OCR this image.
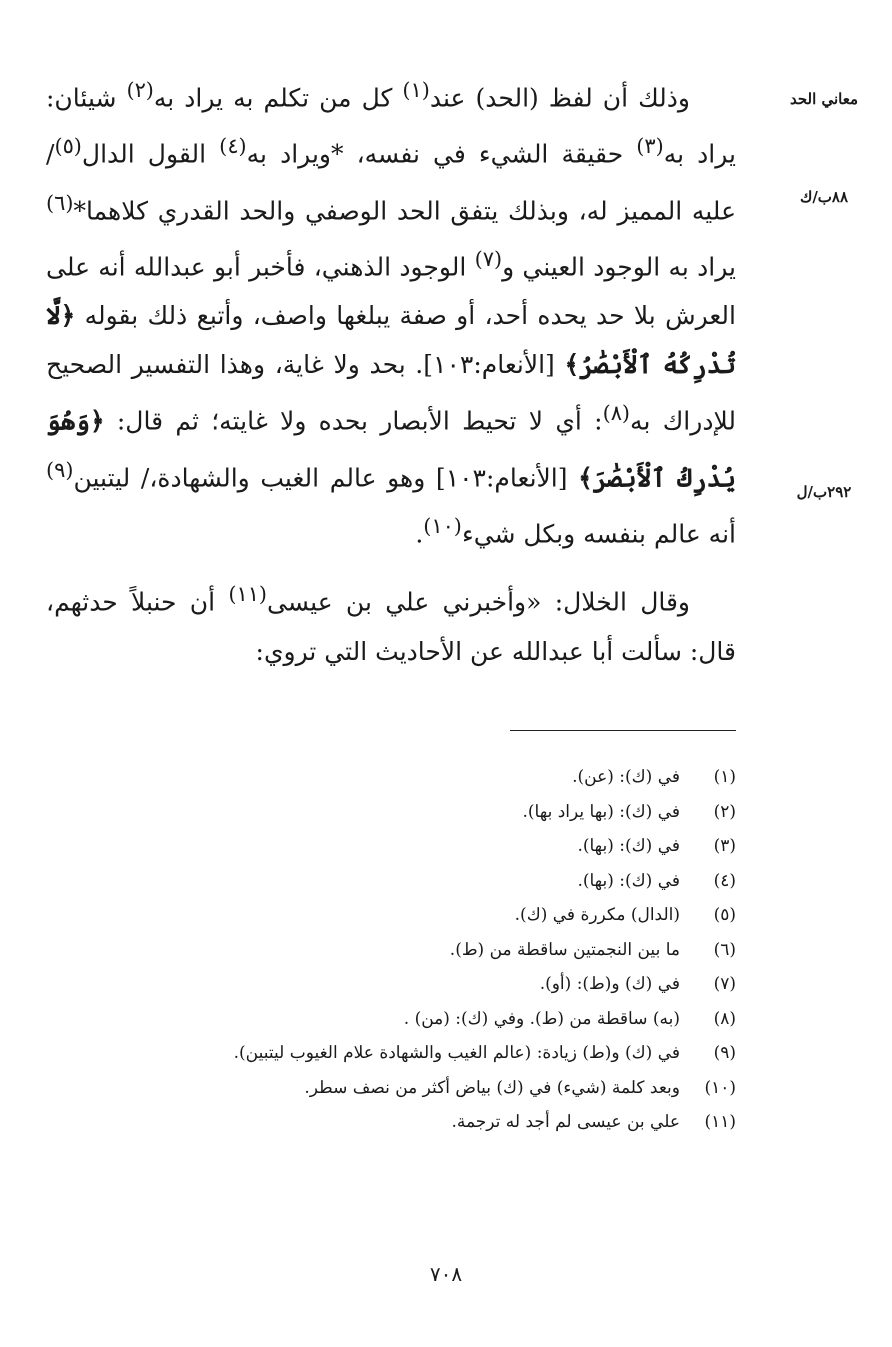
معاني الحد
٨٨ب/ك
٢٩٢ب/ل

وذلك أن لفظ (الحد) عند$^{(١)}$ كل من تكلم به يراد به$^{(٢)}$ شيئان: يراد به$^{(٣)}$ حقيقة الشيء في نفسه، *ويراد به$^{(٤)}$ القول الدال$^{(٥)}$/ عليه المميز له، وبذلك يتفق الحد الوصفي والحد القدري كلاهما*$^{(٦)}$ يراد به الوجود العيني و$^{(٧)}$ الوجود الذهني، فأخبر أبو عبدالله أنه على العرش بلا حد يحده أحد، أو صفة يبلغها واصف، وأتبع ذلك بقوله ﴿لَّا تُدْرِكُهُ ٱلْأَبْصَٰرُ﴾ [الأنعام:١٠٣]. بحد ولا غاية، وهذا التفسير الصحيح للإدراك به$^{(٨)}$: أي لا تحيط الأبصار بحده ولا غايته؛ ثم قال: ﴿وَهُوَ يُدْرِكُ ٱلْأَبْصَٰرَ﴾ [الأنعام:١٠٣] وهو عالم الغيب والشهادة،/ ليتبين$^{(٩)}$ أنه عالم بنفسه وبكل شيء$^{(١٠)}$.

وقال الخلال: «وأخبرني علي بن عيسى$^{(١١)}$ أن حنبلاً حدثهم، قال: سألت أبا عبدالله عن الأحاديث التي تروي:

(١)
في (ك): (عن).
(٢)
في (ك): (بها يراد بها).
(٣)
في (ك): (بها).
(٤)
في (ك): (بها).
(٥)
(الدال) مكررة في (ك).
(٦)
ما بين النجمتين ساقطة من (ط).
(٧)
في (ك) و(ط): (أو).
(٨)
(به) ساقطة من (ط). وفي (ك): (من) .
(٩)
في (ك) و(ط) زيادة: (عالم الغيب والشهادة علام الغيوب ليتبين).
(١٠)
وبعد كلمة (شيء) في (ك) بياض أكثر من نصف سطر.
(١١)
علي بن عيسى لم أجد له ترجمة.
٧٠٨
